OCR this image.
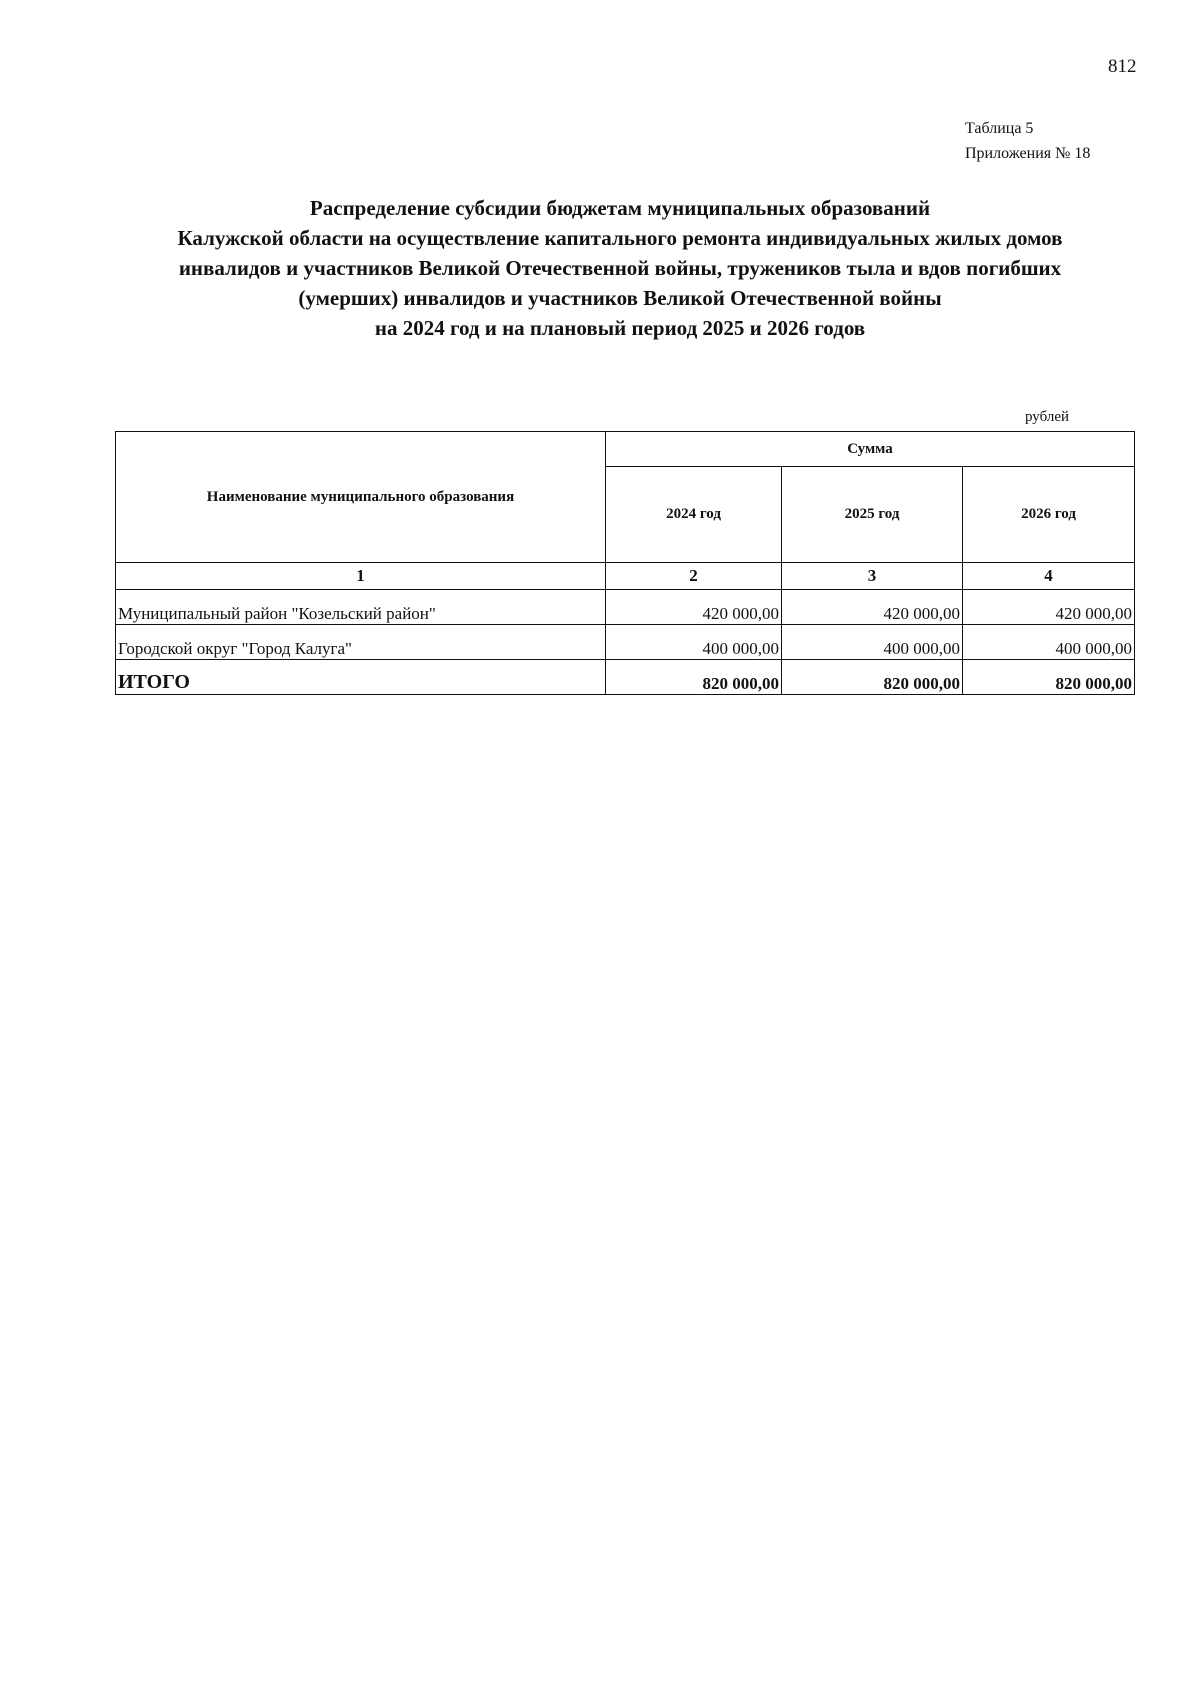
812
Таблица 5
Приложения № 18
Распределение субсидии бюджетам муниципальных образований
Калужской области на осуществление капитального ремонта индивидуальных жилых домов
инвалидов и участников Великой Отечественной войны, тружеников тыла и вдов погибших
(умерших) инвалидов и участников Великой Отечественной войны
на 2024 год и на плановый период 2025 и 2026 годов
рублей
Наименование муниципального образования	Сумма		
	2024 год	2025 год	2026 год
1	2	3	4
Муниципальный район "Козельский район"	420 000,00	420 000,00	420 000,00
Городской округ "Город Калуга"	400 000,00	400 000,00	400 000,00
ИТОГО	820 000,00	820 000,00	820 000,00
